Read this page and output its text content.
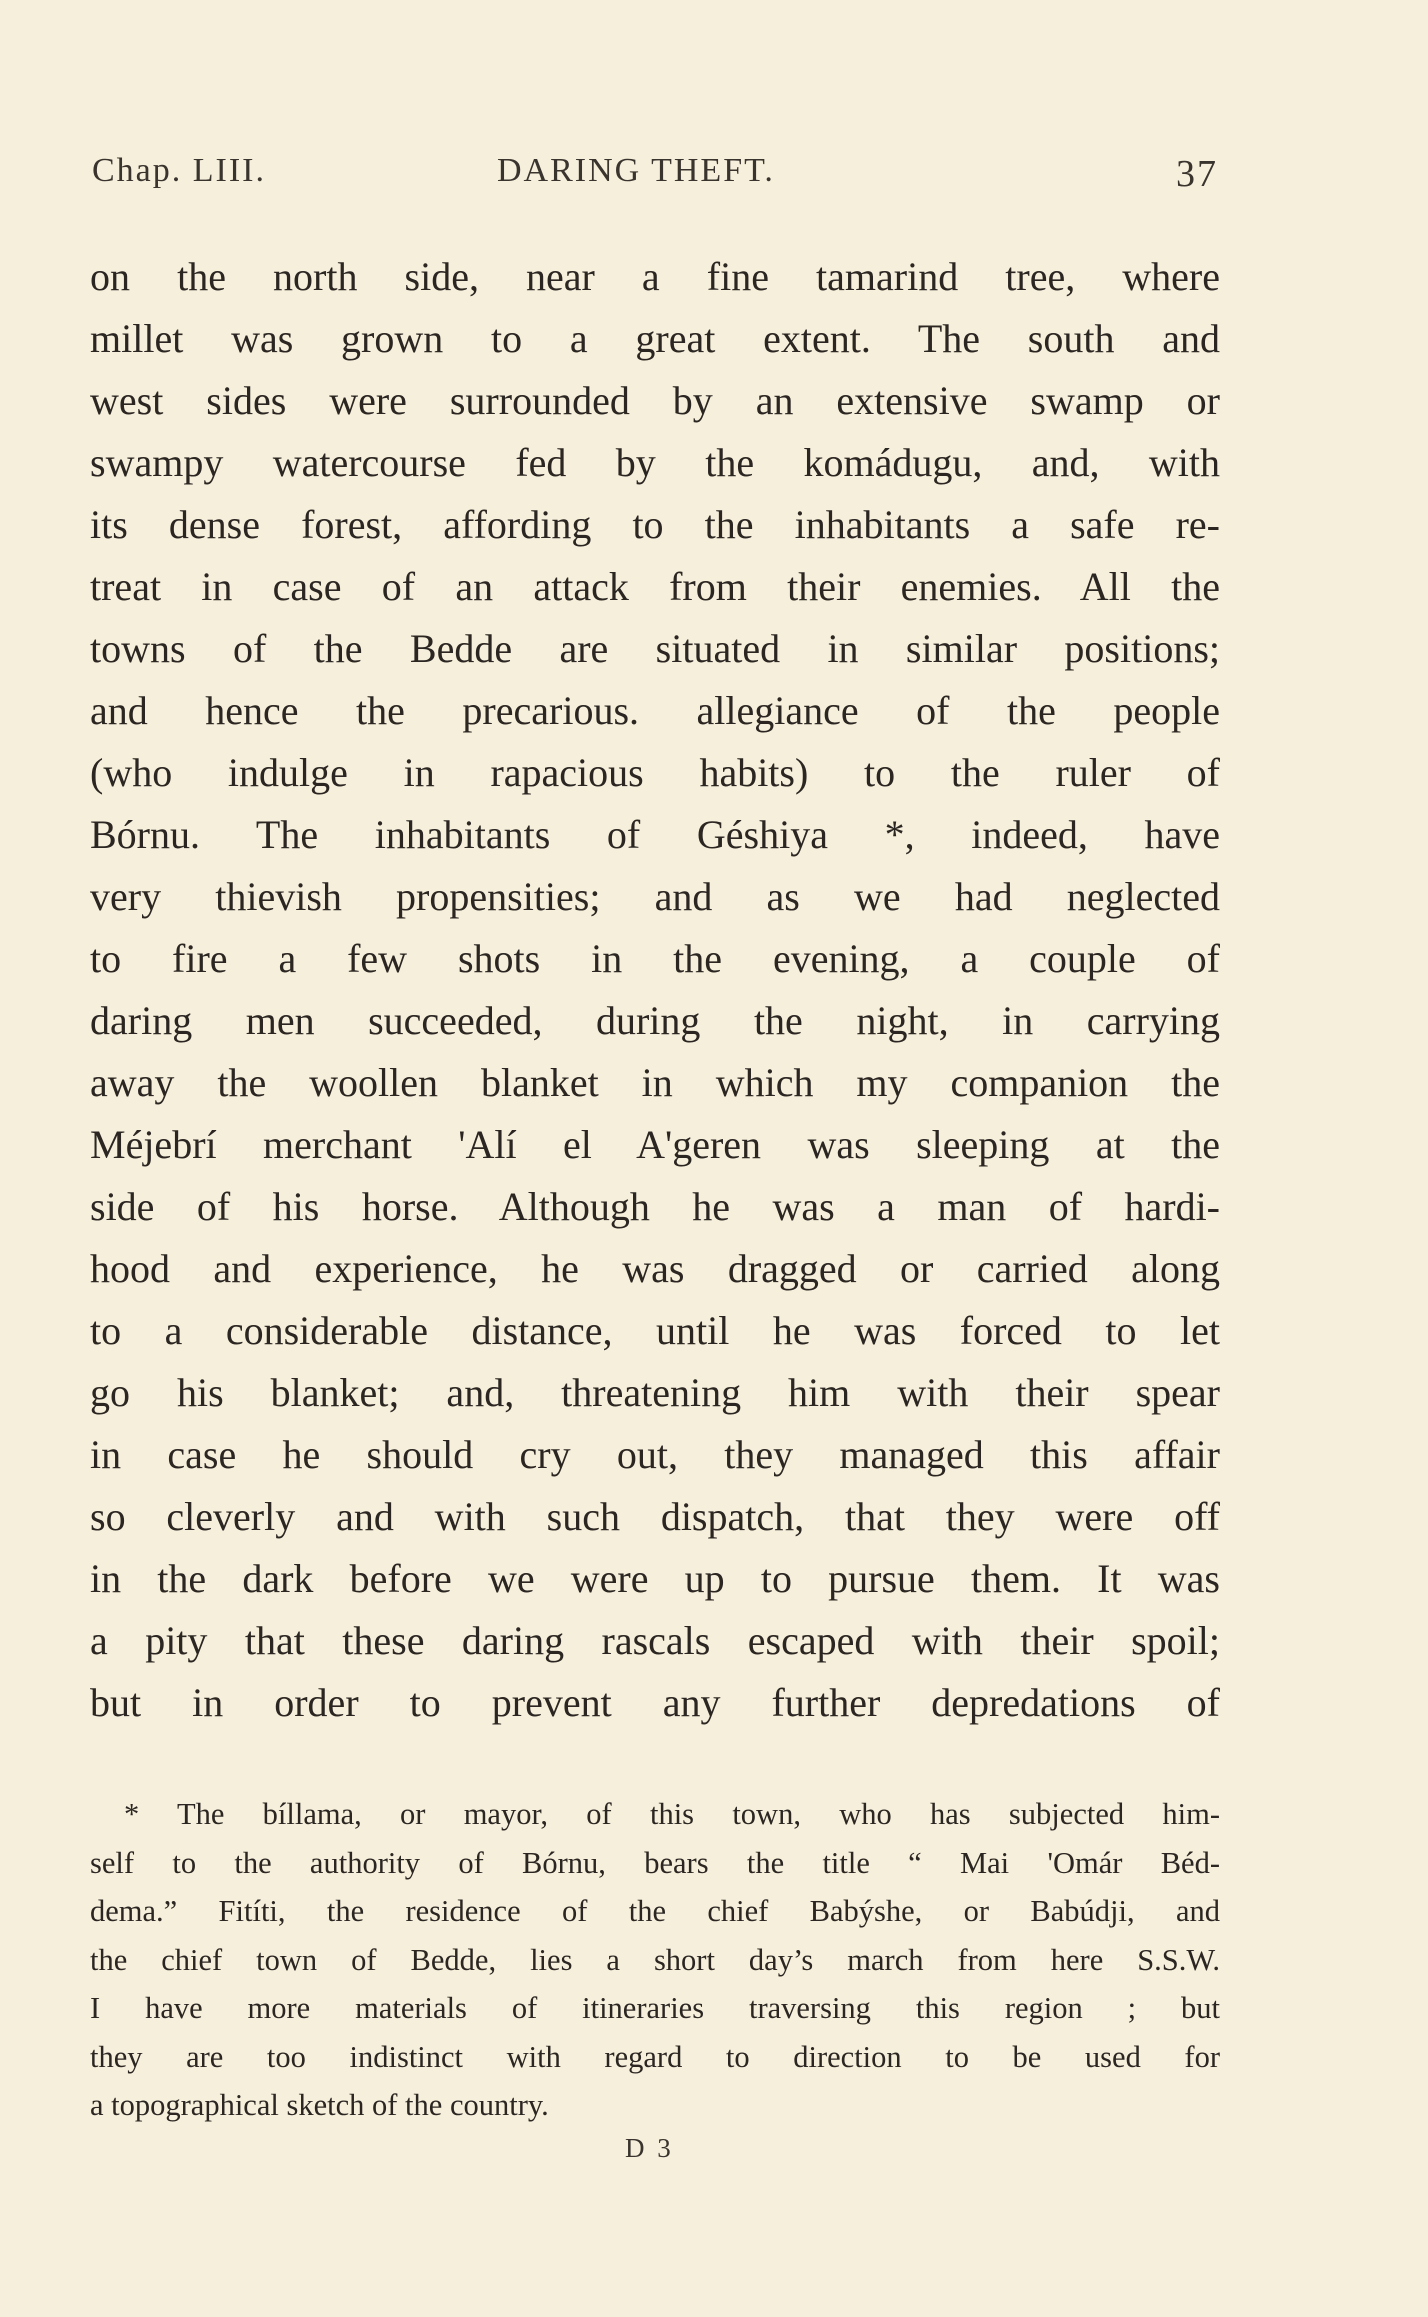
Chap. LIII.	DARING THEFT.	37
on the north side, near a fine tamarind tree, where
millet was grown to a great extent. The south and
west sides were surrounded by an extensive swamp or
swampy watercourse fed by the komádugu, and, with
its dense forest, affording to the inhabitants a safe re-
treat in case of an attack from their enemies. All the
towns of the Bedde are situated in similar positions;
and hence the precarious. allegiance of the people
(who indulge in rapacious habits) to the ruler of
Bórnu. The inhabitants of Géshiya *, indeed, have
very thievish propensities; and as we had neglected
to fire a few shots in the evening, a couple of
daring men succeeded, during the night, in carrying
away the woollen blanket in which my companion the
Méjebrí merchant 'Alí el A'geren was sleeping at the
side of his horse. Although he was a man of hardi-
hood and experience, he was dragged or carried along
to a considerable distance, until he was forced to let
go his blanket; and, threatening him with their spear
in case he should cry out, they managed this affair
so cleverly and with such dispatch, that they were off
in the dark before we were up to pursue them. It was
a pity that these daring rascals escaped with their spoil;
but in order to prevent any further depredations of
* The bíllama, or mayor, of this town, who has subjected him-
self to the authority of Bórnu, bears the title “ Mai 'Omár Béd-
dema.” Fitíti, the residence of the chief Babýshe, or Babúdji, and
the chief town of Bedde, lies a short day’s march from here S.S.W.
I have more materials of itineraries traversing this region ; but
they are too indistinct with regard to direction to be used for
a topographical sketch of the country.
D 3
